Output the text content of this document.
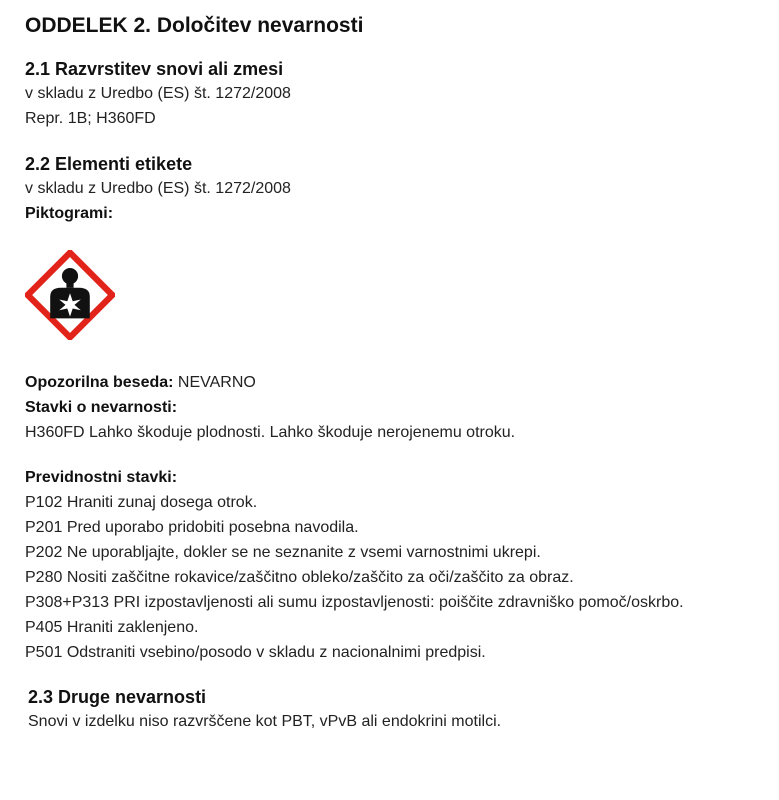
ODDELEK 2. Določitev nevarnosti
2.1 Razvrstitev snovi ali zmesi

v skladu z Uredbo (ES) št. 1272/2008

Repr. 1B; H360FD

2.2 Elementi etikete

v skladu z Uredbo (ES) št. 1272/2008

Piktogrami:

Opozorilna beseda: NEVARNO

Stavki o nevarnosti:

H360FD Lahko škoduje plodnosti. Lahko škoduje nerojenemu otroku.

Previdnostni stavki:

P102 Hraniti zunaj dosega otrok.

P201 Pred uporabo pridobiti posebna navodila.

P202 Ne uporabljajte, dokler se ne seznanite z vsemi varnostnimi ukrepi.

P280 Nositi zaščitne rokavice/zaščitno obleko/zaščito za oči/zaščito za obraz.

P308+P313 PRI izpostavljenosti ali sumu izpostavljenosti: poiščite zdravniško pomoč/oskrbo.

P405 Hraniti zaklenjeno.

P501 Odstraniti vsebino/posodo v skladu z nacionalnimi predpisi.

2.3 Druge nevarnosti

Snovi v izdelku niso razvrščene kot PBT, vPvB ali endokrini motilci.
